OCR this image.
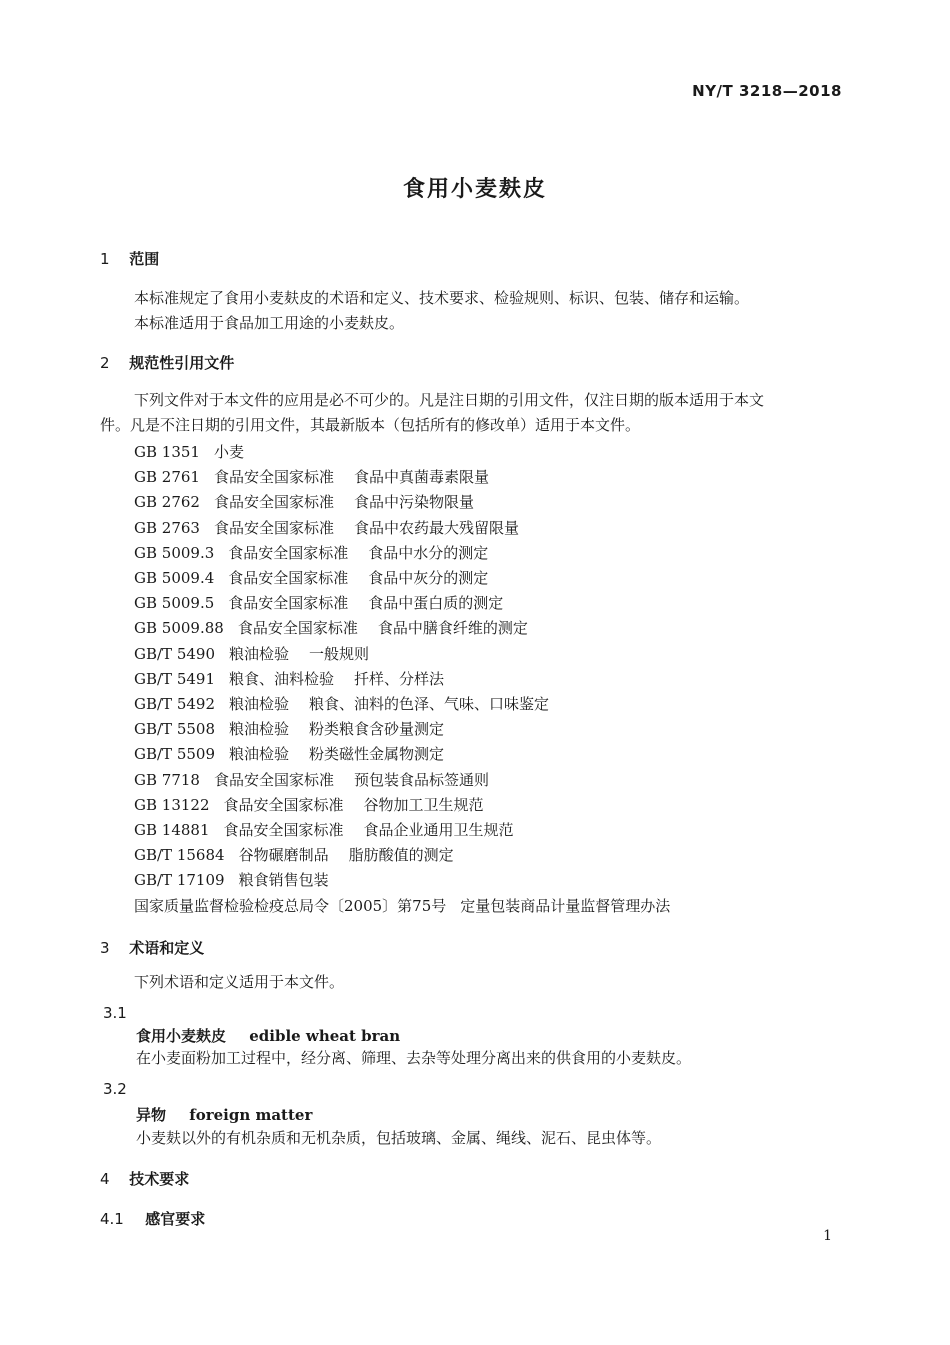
NY/T 3218—2018
食用小麦麸皮
1 范围
本标准规定了食用小麦麸皮的术语和定义、技术要求、检验规则、标识、包装、储存和运输。
本标准适用于食品加工用途的小麦麸皮。
2 规范性引用文件
下列文件对于本文件的应用是必不可少的。凡是注日期的引用文件，仅注日期的版本适用于本文
件。凡是不注日期的引用文件，其最新版本（包括所有的修改单）适用于本文件。
GB 1351 小麦
GB 2761 食品安全国家标准 食品中真菌毒素限量
GB 2762 食品安全国家标准 食品中污染物限量
GB 2763 食品安全国家标准 食品中农药最大残留限量
GB 5009.3 食品安全国家标准 食品中水分的测定
GB 5009.4 食品安全国家标准 食品中灰分的测定
GB 5009.5 食品安全国家标准 食品中蛋白质的测定
GB 5009.88 食品安全国家标准 食品中膳食纤维的测定
GB/T 5490 粮油检验 一般规则
GB/T 5491 粮食、油料检验 扦样、分样法
GB/T 5492 粮油检验 粮食、油料的色泽、气味、口味鉴定
GB/T 5508 粮油检验 粉类粮食含砂量测定
GB/T 5509 粮油检验 粉类磁性金属物测定
GB 7718 食品安全国家标准 预包装食品标签通则
GB 13122 食品安全国家标准 谷物加工卫生规范
GB 14881 食品安全国家标准 食品企业通用卫生规范
GB/T 15684 谷物碾磨制品 脂肪酸值的测定
GB/T 17109 粮食销售包装
国家质量监督检验检疫总局令〔2005〕第75号 定量包装商品计量监督管理办法
3 术语和定义
下列术语和定义适用于本文件。
3.1
食用小麦麸皮 edible wheat bran
在小麦面粉加工过程中，经分离、筛理、去杂等处理分离出来的供食用的小麦麸皮。
3.2
异物 foreign matter
小麦麸以外的有机杂质和无机杂质，包括玻璃、金属、绳线、泥石、昆虫体等。
4 技术要求
4.1 感官要求
1
